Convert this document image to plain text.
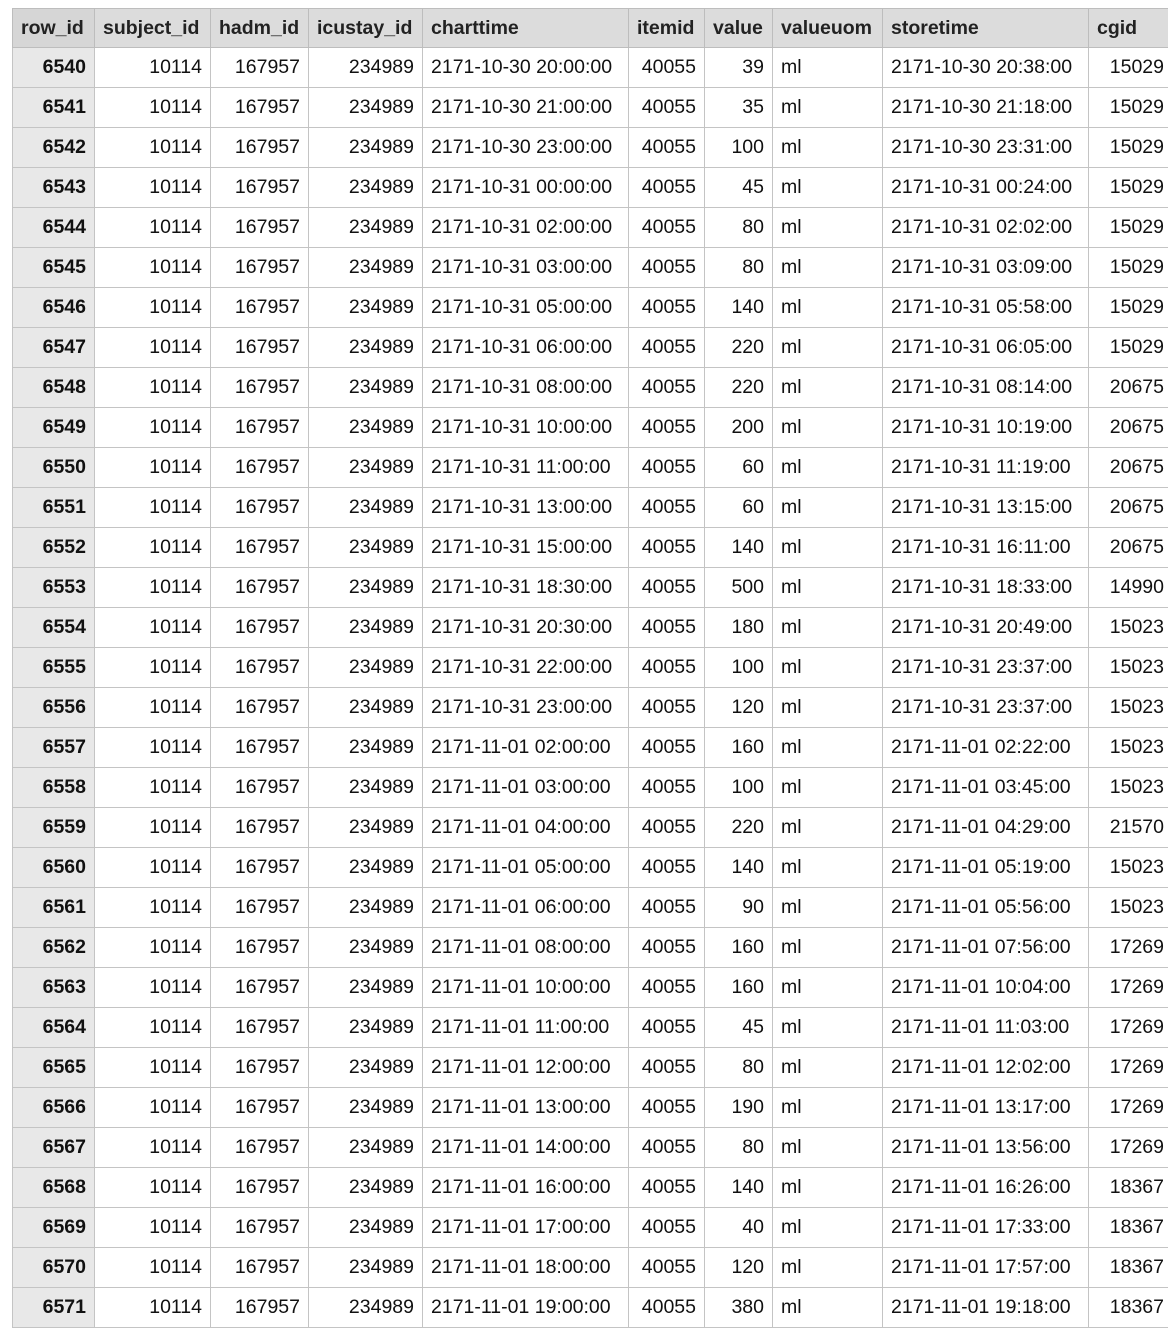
row_id	subject_id	hadm_id	icustay_id	charttime	itemid	value	valueuom	storetime	cgid
6540	10114	167957	234989	2171-10-30 20:00:00	40055	39	ml	2171-10-30 20:38:00	15029
6541	10114	167957	234989	2171-10-30 21:00:00	40055	35	ml	2171-10-30 21:18:00	15029
6542	10114	167957	234989	2171-10-30 23:00:00	40055	100	ml	2171-10-30 23:31:00	15029
6543	10114	167957	234989	2171-10-31 00:00:00	40055	45	ml	2171-10-31 00:24:00	15029
6544	10114	167957	234989	2171-10-31 02:00:00	40055	80	ml	2171-10-31 02:02:00	15029
6545	10114	167957	234989	2171-10-31 03:00:00	40055	80	ml	2171-10-31 03:09:00	15029
6546	10114	167957	234989	2171-10-31 05:00:00	40055	140	ml	2171-10-31 05:58:00	15029
6547	10114	167957	234989	2171-10-31 06:00:00	40055	220	ml	2171-10-31 06:05:00	15029
6548	10114	167957	234989	2171-10-31 08:00:00	40055	220	ml	2171-10-31 08:14:00	20675
6549	10114	167957	234989	2171-10-31 10:00:00	40055	200	ml	2171-10-31 10:19:00	20675
6550	10114	167957	234989	2171-10-31 11:00:00	40055	60	ml	2171-10-31 11:19:00	20675
6551	10114	167957	234989	2171-10-31 13:00:00	40055	60	ml	2171-10-31 13:15:00	20675
6552	10114	167957	234989	2171-10-31 15:00:00	40055	140	ml	2171-10-31 16:11:00	20675
6553	10114	167957	234989	2171-10-31 18:30:00	40055	500	ml	2171-10-31 18:33:00	14990
6554	10114	167957	234989	2171-10-31 20:30:00	40055	180	ml	2171-10-31 20:49:00	15023
6555	10114	167957	234989	2171-10-31 22:00:00	40055	100	ml	2171-10-31 23:37:00	15023
6556	10114	167957	234989	2171-10-31 23:00:00	40055	120	ml	2171-10-31 23:37:00	15023
6557	10114	167957	234989	2171-11-01 02:00:00	40055	160	ml	2171-11-01 02:22:00	15023
6558	10114	167957	234989	2171-11-01 03:00:00	40055	100	ml	2171-11-01 03:45:00	15023
6559	10114	167957	234989	2171-11-01 04:00:00	40055	220	ml	2171-11-01 04:29:00	21570
6560	10114	167957	234989	2171-11-01 05:00:00	40055	140	ml	2171-11-01 05:19:00	15023
6561	10114	167957	234989	2171-11-01 06:00:00	40055	90	ml	2171-11-01 05:56:00	15023
6562	10114	167957	234989	2171-11-01 08:00:00	40055	160	ml	2171-11-01 07:56:00	17269
6563	10114	167957	234989	2171-11-01 10:00:00	40055	160	ml	2171-11-01 10:04:00	17269
6564	10114	167957	234989	2171-11-01 11:00:00	40055	45	ml	2171-11-01 11:03:00	17269
6565	10114	167957	234989	2171-11-01 12:00:00	40055	80	ml	2171-11-01 12:02:00	17269
6566	10114	167957	234989	2171-11-01 13:00:00	40055	190	ml	2171-11-01 13:17:00	17269
6567	10114	167957	234989	2171-11-01 14:00:00	40055	80	ml	2171-11-01 13:56:00	17269
6568	10114	167957	234989	2171-11-01 16:00:00	40055	140	ml	2171-11-01 16:26:00	18367
6569	10114	167957	234989	2171-11-01 17:00:00	40055	40	ml	2171-11-01 17:33:00	18367
6570	10114	167957	234989	2171-11-01 18:00:00	40055	120	ml	2171-11-01 17:57:00	18367
6571	10114	167957	234989	2171-11-01 19:00:00	40055	380	ml	2171-11-01 19:18:00	18367
